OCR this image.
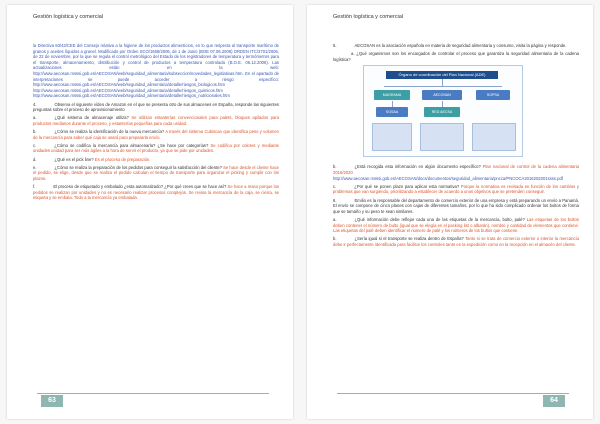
Gestión logística y comercial

la Directiva 93/43/CEE del Consejo relativa a la higiene de los productos alimenticios, en lo que respecta al transporte marítimo de granos y aceites líquidos a granel. Modificado por Orden SCO/1658/2006, de 1 de Junio (BOE 07.06.2006) ORDEN ITC/3701/2006, de 22 de noviembre, por la que se regula el control metrológico del Estado de los registradores de temperatura y termómetros para el transporte, almacenamiento, distribución y control de productos a temperatura controlada (B.O.E. 06.12.2006). Las actualizaciones están en la web: http://www.aecosan.msssi.gob.es/AECOSAN/web/seguridad_alimentaria/subseccion/novedades_legislativas.htm. En el apartado de interpretaciones se puede acceder a riesgo específico: http://www.aecosan.msssi.gob.es/AECOSAN/web/seguridad_alimentaria/detalle/riesgos_biologicos.htm http://www.aecosan.msssi.gob.es/AECOSAN/web/seguridad_alimentaria/detalle/riesgos_quimicos.htm http://www.aecosan.msssi.gob.es/AECOSAN/web/seguridad_alimentaria/detalle/riesgos_nutricionales.htm

4.	Observa el siguiente vídeo de Amazon en el que se presenta otro de sus almacenes en España, responde las siguientes preguntas sobre el proceso de aprovisionamiento

a.	¿Qué sistema de almacenaje utiliza? Se utilizan estanterías convencionales para palets, bloques apilados para productos medianos durante el proceso, y estanterías pequeñas para cada unidad.

b.	¿Cómo se realiza la identificación de la nueva mercancía? A través del sistema Cubiscan que identifica peso y volumen de la mercancía para saber qué caja se usará para prepararla envío.

c.	¿Cómo se codifica la mercancía para almacenarla? ¿Se hace por categorías? Se codifica por colores y mediante unidades unidad para ser más ágiles a la hora de servir el producto, ya que se pide por unidades.

d.	¿Qué es el pick line? Es el proceso de preparación.

e.	¿Cómo se realiza la preparación de los pedidos para conseguir la satisfacción del cliente? Se hace desde el cliente hace el pedido, se elige, desde que se realiza el pedido calculan el tiempo de transporte para organizar el picking y cumplir con los plazos.

f.	El proceso de etiquetado y embalado ¿esta automatizado? ¿Por qué crees que se hace así? Se hace a mano porque los pedidos se realizan por unidades y no es necesario realizar procesos complejos. Se revisa la mercancía de la caja, se cierra, se etiqueta y se embala. Todo a la mercancía ya embalada.

63
Gestión logística y comercial

5.	AECOSAN es la asociación española en materia de seguridad alimentaria y consumo, visita la página y responde.

a. ¿Qué organismos son los encargados de controlar el proceso que garantiza la seguridad alimentaria de la cadena logística?

Órgano de coordinación del Plan Nacional (ADE)
MAGRAMA	AECOSAN	SGPSA
SGSAA	RED AECSA

b.	¿Está recogida esta información en algún documento específico? Plan nacional de control de la cadena alimentaria 2016/2020 http://www.aecosan.msssi.gob.es/AECOSAN/docs/documentos/seguridad_alimentaria/pncca/PNCOCA2016202001ssss.pdf

c.	¿Por qué se ponen plazo para aplicar esta normativa? Porque la normativa es revisada en función de los cambios y problemas que van surgiendo, prioritizando a establecer de acuerdo a unos objetivos que se pretenden conseguir.

6.	Emilio es la responsable del departamento de comercio exterior de una empresa y está preparando un envío a Panamá. El envío se compone de cinco planes con cajas de diferentes tamaños, por lo que ha sido complicado ordenar los bultos de forma que se tamaño y su peso te sean similares.

a.	¿Qué información debe reflejar cada una de las etiquetas de la mercancía, bulto, palé? Las etiquetas de los bultos deben contener el número de bulto (igual que se elegía en el packing list o albarán), nombre y cantidad de elementos que contiene. Las etiquetas del palé deben identificar el número de palé y los números de los bultos que contiene.

b.	¿Sería igual si el transporte se realiza dentro de España? Tanto si se trata de comercio exterior o interior la mercancía debe ir perfectamente identificada para facilitar los controles tanto en la expedición como en la recepción en el almacén del cliente.

64
